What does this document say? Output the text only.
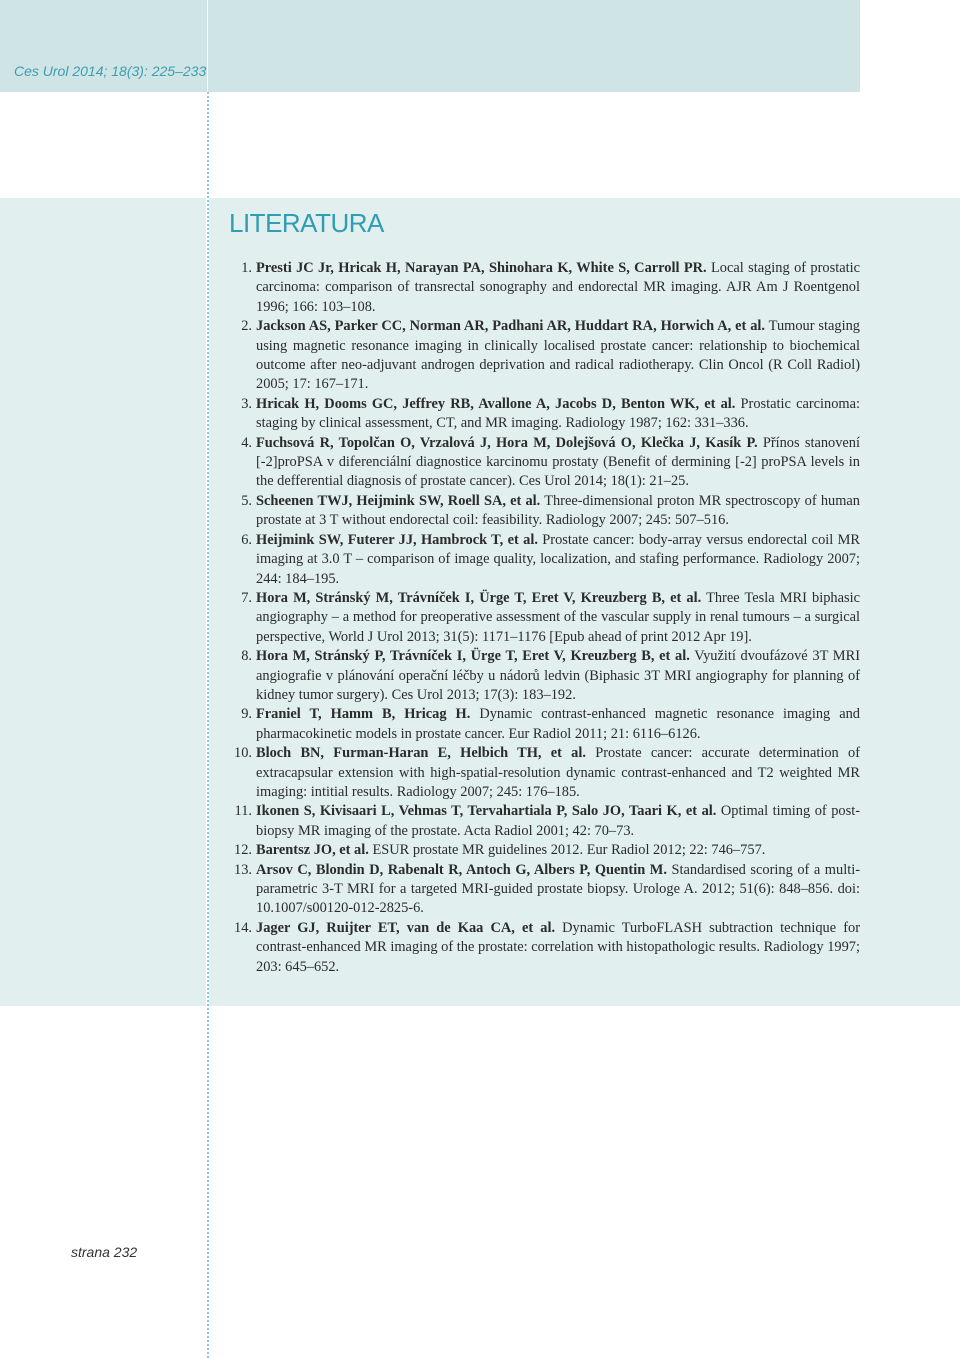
Ces Urol 2014; 18(3): 225–233
LITERATURA
1. Presti JC Jr, Hricak H, Narayan PA, Shinohara K, White S, Carroll PR. Local staging of prostatic carcinoma: comparison of transrectal sonography and endorectal MR imaging. AJR Am J Roentgenol 1996; 166: 103–108.
2. Jackson AS, Parker CC, Norman AR, Padhani AR, Huddart RA, Horwich A, et al. Tumour staging using magnetic resonance imaging in clinically localised prostate cancer: relationship to biochemical outcome after neo-adjuvant androgen deprivation and radical radiotherapy. Clin Oncol (R Coll Radiol) 2005; 17: 167–171.
3. Hricak H, Dooms GC, Jeffrey RB, Avallone A, Jacobs D, Benton WK, et al. Prostatic carcinoma: staging by clinical assessment, CT, and MR imaging. Radiology 1987; 162: 331–336.
4. Fuchsová R, Topolčan O, Vrzalová J, Hora M, Dolejšová O, Klečka J, Kasík P. Přínos stanovení [-2]proPSA v diferenciální diagnostice karcinomu prostaty (Benefit of dermining [-2] proPSA levels in the defferential diagnosis of prostate cancer). Ces Urol 2014; 18(1): 21–25.
5. Scheenen TWJ, Heijmink SW, Roell SA, et al. Three-dimensional proton MR spectroscopy of human prostate at 3 T without endorectal coil: feasibility. Radiology 2007; 245: 507–516.
6. Heijmink SW, Futerer JJ, Hambrock T, et al. Prostate cancer: body-array versus endorectal coil MR imaging at 3.0 T – comparison of image quality, localization, and stafing performance. Radiology 2007; 244: 184–195.
7. Hora M, Stránský M, Trávníček I, Ürge T, Eret V, Kreuzberg B, et al. Three Tesla MRI biphasic angiography – a method for preoperative assessment of the vascular supply in renal tumours – a surgical perspective, World J Urol 2013; 31(5): 1171–1176 [Epub ahead of print 2012 Apr 19].
8. Hora M, Stránský P, Trávníček I, Ürge T, Eret V, Kreuzberg B, et al. Využití dvoufázové 3T MRI angiografie v plánování operační léčby u nádorů ledvin (Biphasic 3T MRI angiography for planning of kidney tumor surgery). Ces Urol 2013; 17(3): 183–192.
9. Franiel T, Hamm B, Hricag H. Dynamic contrast-enhanced magnetic resonance imaging and pharmacokinetic models in prostate cancer. Eur Radiol 2011; 21: 6116–6126.
10. Bloch BN, Furman-Haran E, Helbich TH, et al. Prostate cancer: accurate determination of extracapsular extension with high-spatial-resolution dynamic contrast-enhanced and T2 weighted MR imaging: intitial results. Radiology 2007; 245: 176–185.
11. Ikonen S, Kivisaari L, Vehmas T, Tervahartiala P, Salo JO, Taari K, et al. Optimal timing of post-biopsy MR imaging of the prostate. Acta Radiol 2001; 42: 70–73.
12. Barentsz JO, et al. ESUR prostate MR guidelines 2012. Eur Radiol 2012; 22: 746–757.
13. Arsov C, Blondin D, Rabenalt R, Antoch G, Albers P, Quentin M. Standardised scoring of a multi-parametric 3-T MRI for a targeted MRI-guided prostate biopsy. Urologe A. 2012; 51(6): 848–856. doi: 10.1007/s00120-012-2825-6.
14. Jager GJ, Ruijter ET, van de Kaa CA, et al. Dynamic TurboFLASH subtraction technique for contrast-enhanced MR imaging of the prostate: correlation with histopathologic results. Radiology 1997; 203: 645–652.
strana 232
